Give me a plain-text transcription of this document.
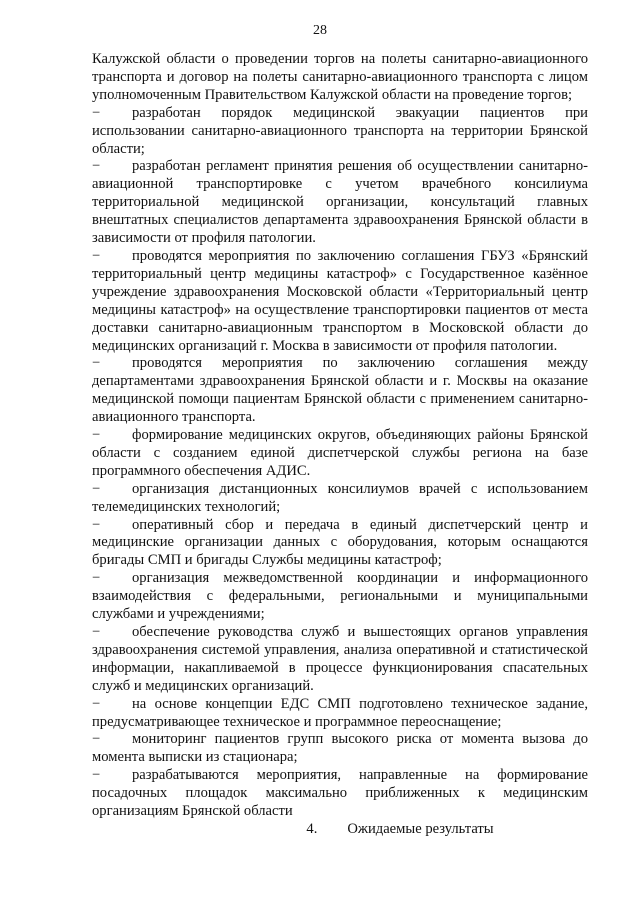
28

Калужской области о проведении торгов на полеты санитарно-авиационного транспорта и договор на полеты санитарно-авиационного транспорта с лицом уполномоченным Правительством Калужской области на проведение торгов;

− разработан порядок медицинской эвакуации пациентов при использовании санитарно-авиационного транспорта на территории Брянской области;

− разработан регламент принятия решения об осуществлении санитарно-авиационной транспортировке с учетом врачебного консилиума территориальной медицинской организации, консультаций главных внештатных специалистов департамента здравоохранения Брянской области в зависимости от профиля патологии.

− проводятся мероприятия по заключению соглашения ГБУЗ «Брянский территориальный центр медицины катастроф» с Государственное казённое учреждение здравоохранения Московской области «Территориальный центр медицины катастроф» на осуществление транспортировки пациентов от места доставки санитарно-авиационным транспортом в Московской области до медицинских организаций г. Москва в зависимости от профиля патологии.

− проводятся мероприятия по заключению соглашения между департаментами здравоохранения Брянской области и г. Москвы на оказание медицинской помощи пациентам Брянской области с применением санитарно-авиационного транспорта.

− формирование медицинских округов, объединяющих районы Брянской области с созданием единой диспетчерской службы региона на базе программного обеспечения АДИС.

− организация дистанционных консилиумов врачей с использованием телемедицинских технологий;

− оперативный сбор и передача в единый диспетчерский центр и медицинские организации данных с оборудования, которым оснащаются бригады СМП и бригады Службы медицины катастроф;

− организация межведомственной координации и информационного взаимодействия с федеральными, региональными и муниципальными службами и учреждениями;

− обеспечение руководства служб и вышестоящих органов управления здравоохранения системой управления, анализа оперативной и статистической информации, накапливаемой в процессе функционирования спасательных служб и медицинских организаций.

− на основе концепции ЕДС СМП подготовлено техническое задание, предусматривающее техническое и программное переоснащение;

− мониторинг пациентов групп высокого риска от момента вызова до момента выписки из стационара;

− разрабатываются мероприятия, направленные на формирование посадочных площадок максимально приближенных к медицинским организациям Брянской области

4. Ожидаемые результаты
